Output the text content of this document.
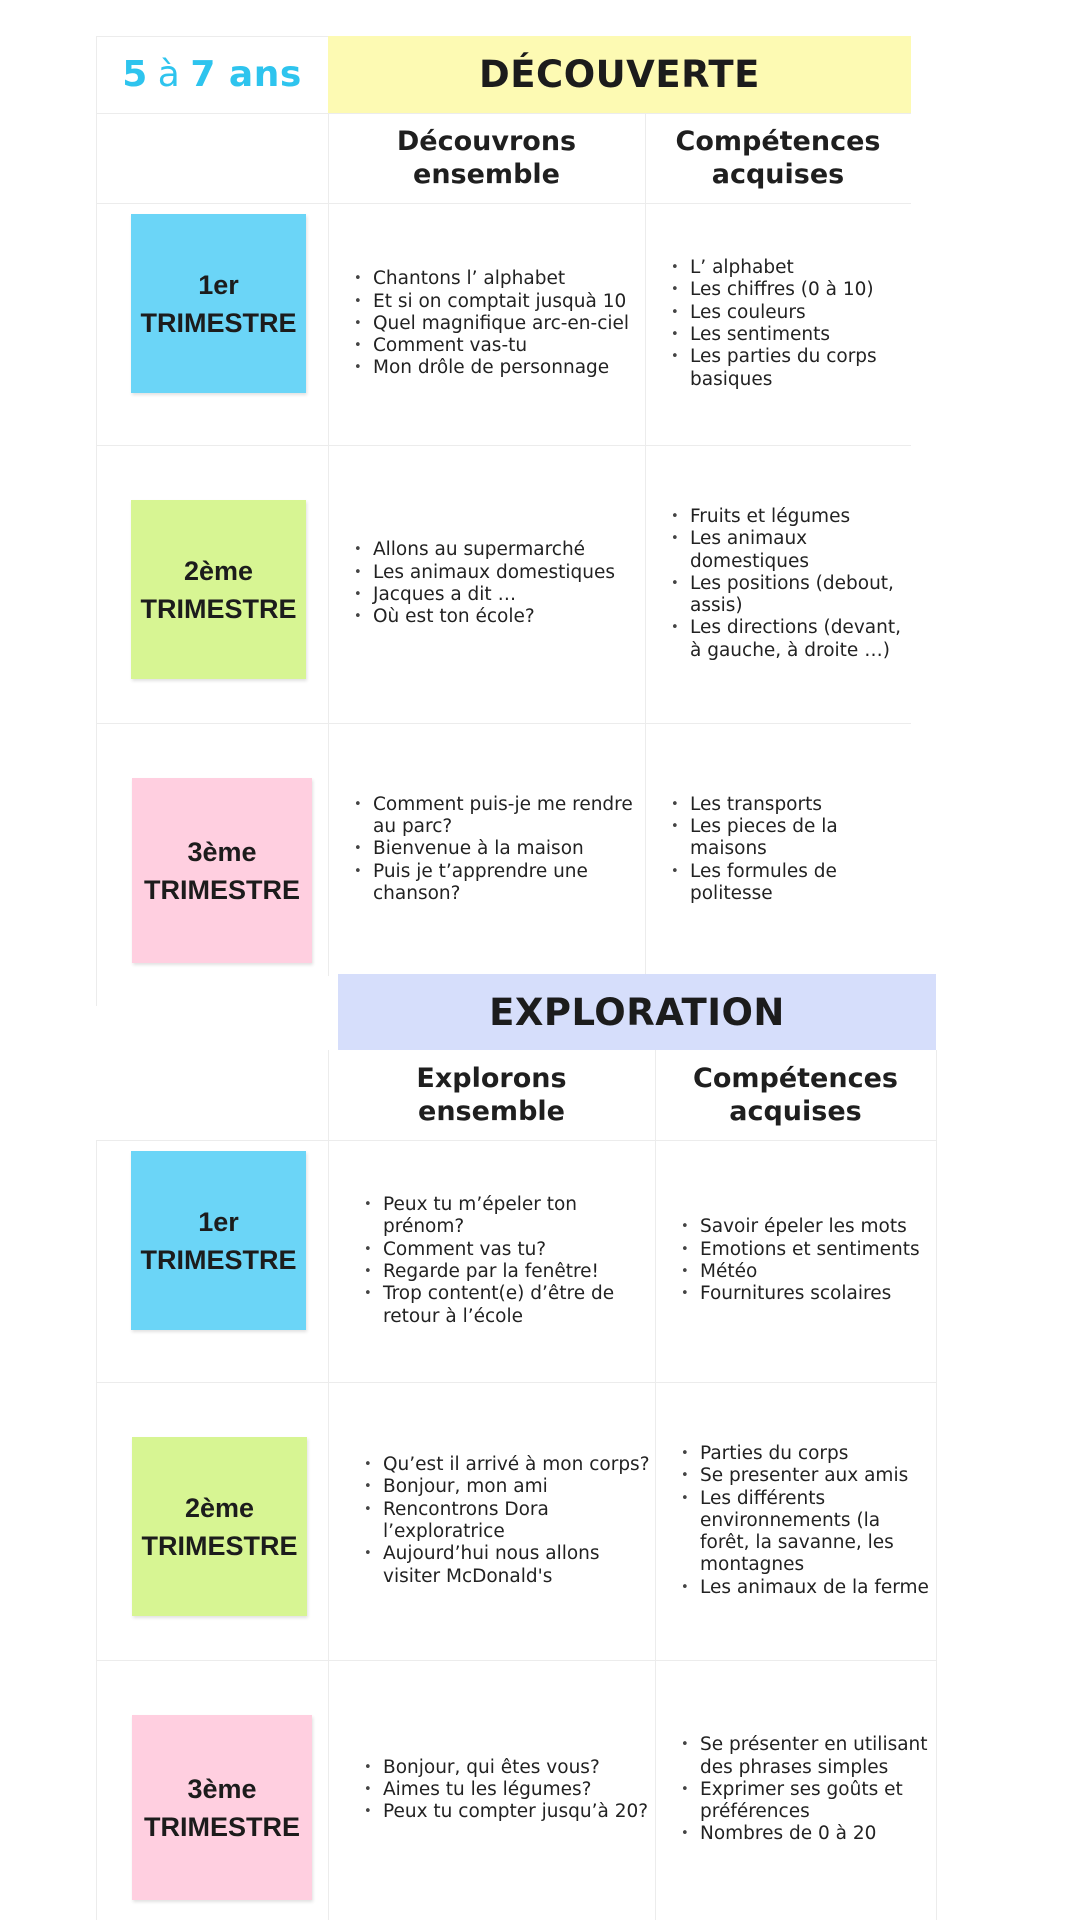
5 à 7 ans	DÉCOUVERTE
Découvrons
ensemble
Compétences
acquises
1er
TRIMESTRE
• Chantons l’ alphabet
• Et si on comptait jusquà 10
• Quel magnifique arc-en-ciel
• Comment vas-tu
• Mon drôle de personnage
• L’ alphabet
• Les chiffres (0 à 10)
• Les couleurs
• Les sentiments
• Les parties du corps basiques
2ème
TRIMESTRE
• Allons au supermarché
• Les animaux domestiques
• Jacques a dit …
• Où est ton école?
• Fruits et légumes
• Les animaux domestiques
• Les positions (debout, assis)
• Les directions (devant, à gauche, à droite …)
3ème
TRIMESTRE
• Comment puis-je me rendre au parc?
• Bienvenue à la maison
• Puis je t’apprendre une chanson?
• Les transports
• Les pieces de la maisons
• Les formules de politesse
EXPLORATION
Explorons
ensemble
Compétences
acquises
1er
TRIMESTRE
• Peux tu m’épeler ton prénom?
• Comment vas tu?
• Regarde par la fenêtre!
• Trop content(e) d’être de retour à l’école
• Savoir épeler les mots
• Emotions et sentiments
• Météo
• Fournitures scolaires
2ème
TRIMESTRE
• Qu’est il arrivé à mon corps?
• Bonjour, mon ami
• Rencontrons Dora l’exploratrice
• Aujourd’hui nous allons visiter McDonald's
• Parties du corps
• Se presenter aux amis
• Les différents environnements (la forêt, la savanne, les montagnes
• Les animaux de la ferme
3ème
TRIMESTRE
• Bonjour, qui êtes vous?
• Aimes tu les légumes?
• Peux tu compter jusqu’à 20?
• Se présenter en utilisant des phrases simples
• Exprimer ses goûts et préférences
• Nombres de 0 à 20
